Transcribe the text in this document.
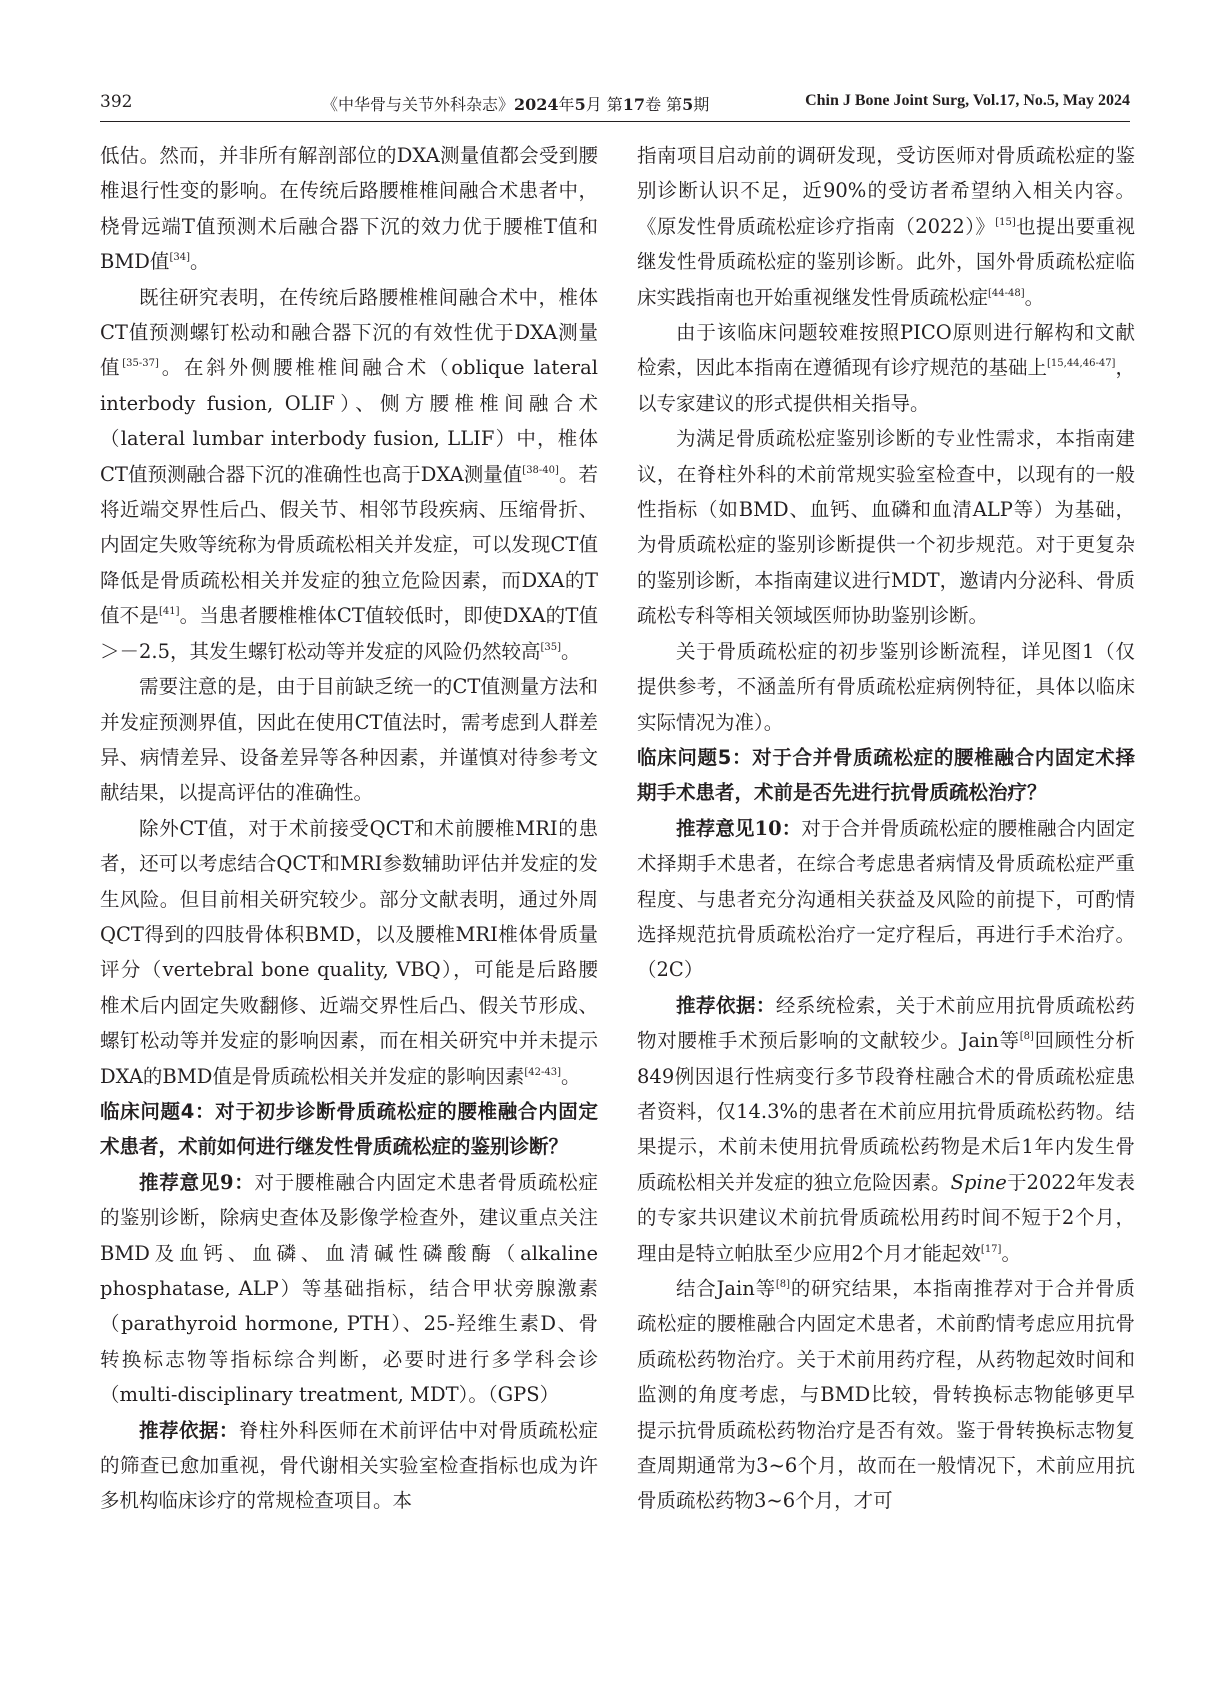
392	《中华骨与关节外科杂志》2024年5月 第17卷 第5期	Chin J Bone Joint Surg, Vol.17, No.5, May 2024

低估。然而，并非所有解剖部位的DXA测量值都会受到腰椎退行性变的影响。在传统后路腰椎椎间融合术患者中，桡骨远端T值预测术后融合器下沉的效力优于腰椎T值和BMD值[34]。

既往研究表明，在传统后路腰椎椎间融合术中，椎体CT值预测螺钉松动和融合器下沉的有效性优于DXA测量值[35-37]。在斜外侧腰椎椎间融合术（oblique lateral interbody fusion, OLIF）、侧方腰椎椎间融合术（lateral lumbar interbody fusion, LLIF）中，椎体CT值预测融合器下沉的准确性也高于DXA测量值[38-40]。若将近端交界性后凸、假关节、相邻节段疾病、压缩骨折、内固定失败等统称为骨质疏松相关并发症，可以发现CT值降低是骨质疏松相关并发症的独立危险因素，而DXA的T值不是[41]。当患者腰椎椎体CT值较低时，即使DXA的T值＞－2.5，其发生螺钉松动等并发症的风险仍然较高[35]。

需要注意的是，由于目前缺乏统一的CT值测量方法和并发症预测界值，因此在使用CT值法时，需考虑到人群差异、病情差异、设备差异等各种因素，并谨慎对待参考文献结果，以提高评估的准确性。

除外CT值，对于术前接受QCT和术前腰椎MRI的患者，还可以考虑结合QCT和MRI参数辅助评估并发症的发生风险。但目前相关研究较少。部分文献表明，通过外周QCT得到的四肢骨体积BMD，以及腰椎MRI椎体骨质量评分（vertebral bone quality, VBQ），可能是后路腰椎术后内固定失败翻修、近端交界性后凸、假关节形成、螺钉松动等并发症的影响因素，而在相关研究中并未提示DXA的BMD值是骨质疏松相关并发症的影响因素[42-43]。

临床问题4：对于初步诊断骨质疏松症的腰椎融合内固定术患者，术前如何进行继发性骨质疏松症的鉴别诊断？

推荐意见9：对于腰椎融合内固定术患者骨质疏松症的鉴别诊断，除病史查体及影像学检查外，建议重点关注BMD及血钙、血磷、血清碱性磷酸酶（alkaline phosphatase, ALP）等基础指标，结合甲状旁腺激素（parathyroid hormone, PTH）、25-羟维生素D、骨转换标志物等指标综合判断，必要时进行多学科会诊（multi-disciplinary treatment, MDT）。（GPS）

推荐依据：脊柱外科医师在术前评估中对骨质疏松症的筛查已愈加重视，骨代谢相关实验室检查指标也成为许多机构临床诊疗的常规检查项目。本

指南项目启动前的调研发现，受访医师对骨质疏松症的鉴别诊断认识不足，近90%的受访者希望纳入相关内容。《原发性骨质疏松症诊疗指南（2022）》[15]也提出要重视继发性骨质疏松症的鉴别诊断。此外，国外骨质疏松症临床实践指南也开始重视继发性骨质疏松症[44-48]。

由于该临床问题较难按照PICO原则进行解构和文献检索，因此本指南在遵循现有诊疗规范的基础上[15,44,46-47]，以专家建议的形式提供相关指导。

为满足骨质疏松症鉴别诊断的专业性需求，本指南建议，在脊柱外科的术前常规实验室检查中，以现有的一般性指标（如BMD、血钙、血磷和血清ALP等）为基础，为骨质疏松症的鉴别诊断提供一个初步规范。对于更复杂的鉴别诊断，本指南建议进行MDT，邀请内分泌科、骨质疏松专科等相关领域医师协助鉴别诊断。

关于骨质疏松症的初步鉴别诊断流程，详见图1（仅提供参考，不涵盖所有骨质疏松症病例特征，具体以临床实际情况为准）。

临床问题5：对于合并骨质疏松症的腰椎融合内固定术择期手术患者，术前是否先进行抗骨质疏松治疗？

推荐意见10：对于合并骨质疏松症的腰椎融合内固定术择期手术患者，在综合考虑患者病情及骨质疏松症严重程度、与患者充分沟通相关获益及风险的前提下，可酌情选择规范抗骨质疏松治疗一定疗程后，再进行手术治疗。（2C）

推荐依据：经系统检索，关于术前应用抗骨质疏松药物对腰椎手术预后影响的文献较少。Jain等[8]回顾性分析849例因退行性病变行多节段脊柱融合术的骨质疏松症患者资料，仅14.3%的患者在术前应用抗骨质疏松药物。结果提示，术前未使用抗骨质疏松药物是术后1年内发生骨质疏松相关并发症的独立危险因素。Spine于2022年发表的专家共识建议术前抗骨质疏松用药时间不短于2个月，理由是特立帕肽至少应用2个月才能起效[17]。

结合Jain等[8]的研究结果，本指南推荐对于合并骨质疏松症的腰椎融合内固定术患者，术前酌情考虑应用抗骨质疏松药物治疗。关于术前用药疗程，从药物起效时间和监测的角度考虑，与BMD比较，骨转换标志物能够更早提示抗骨质疏松药物治疗是否有效。鉴于骨转换标志物复查周期通常为3~6个月，故而在一般情况下，术前应用抗骨质疏松药物3~6个月，才可
